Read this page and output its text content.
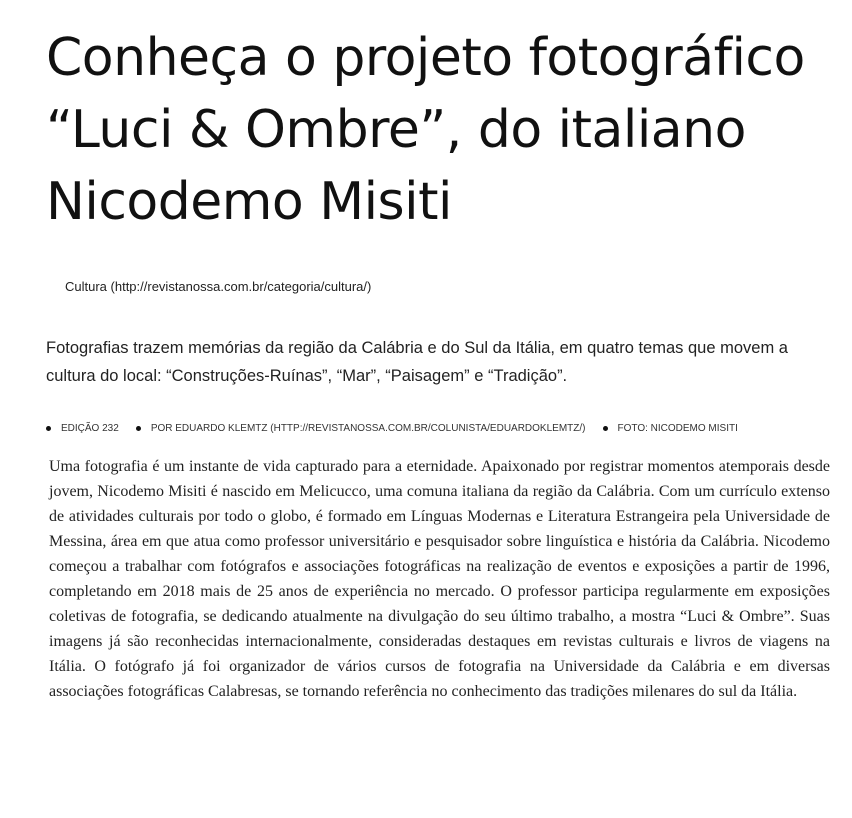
Conheça o projeto fotográfico “Luci & Ombre”, do italiano Nicodemo Misiti
Cultura (http://revistanossa.com.br/categoria/cultura/)

Fotografias trazem memórias da região da Calábria e do Sul da Itália, em quatro temas que movem a cultura do local: “Construções-Ruínas”, “Mar”, “Paisagem” e “Tradição”.

EDIÇÃO 232	POR EDUARDO KLEMTZ (HTTP://REVISTANOSSA.COM.BR/COLUNISTA/EDUARDOKLEMTZ/)	FOTO: NICODEMO MISITI

Uma fotografia é um instante de vida capturado para a eternidade. Apaixonado por registrar momentos atemporais desde jovem, Nicodemo Misiti é nascido em Melicucco, uma comuna italiana da região da Calábria. Com um currículo extenso de atividades culturais por todo o globo, é formado em Línguas Modernas e Literatura Estrangeira pela Universidade de Messina, área em que atua como professor universitário e pesquisador sobre linguística e história da Calábria. Nicodemo começou a trabalhar com fotógrafos e associações fotográficas na realização de eventos e exposições a partir de 1996, completando em 2018 mais de 25 anos de experiência no mercado. O professor participa regularmente em exposições coletivas de fotografia, se dedicando atualmente na divulgação do seu último trabalho, a mostra “Luci & Ombre”. Suas imagens já são reconhecidas internacionalmente, consideradas destaques em revistas culturais e livros de viagens na Itália. O fotógrafo já foi organizador de vários cursos de fotografia na Universidade da Calábria e em diversas associações fotográficas Calabresas, se tornando referência no conhecimento das tradições milenares do sul da Itália.
